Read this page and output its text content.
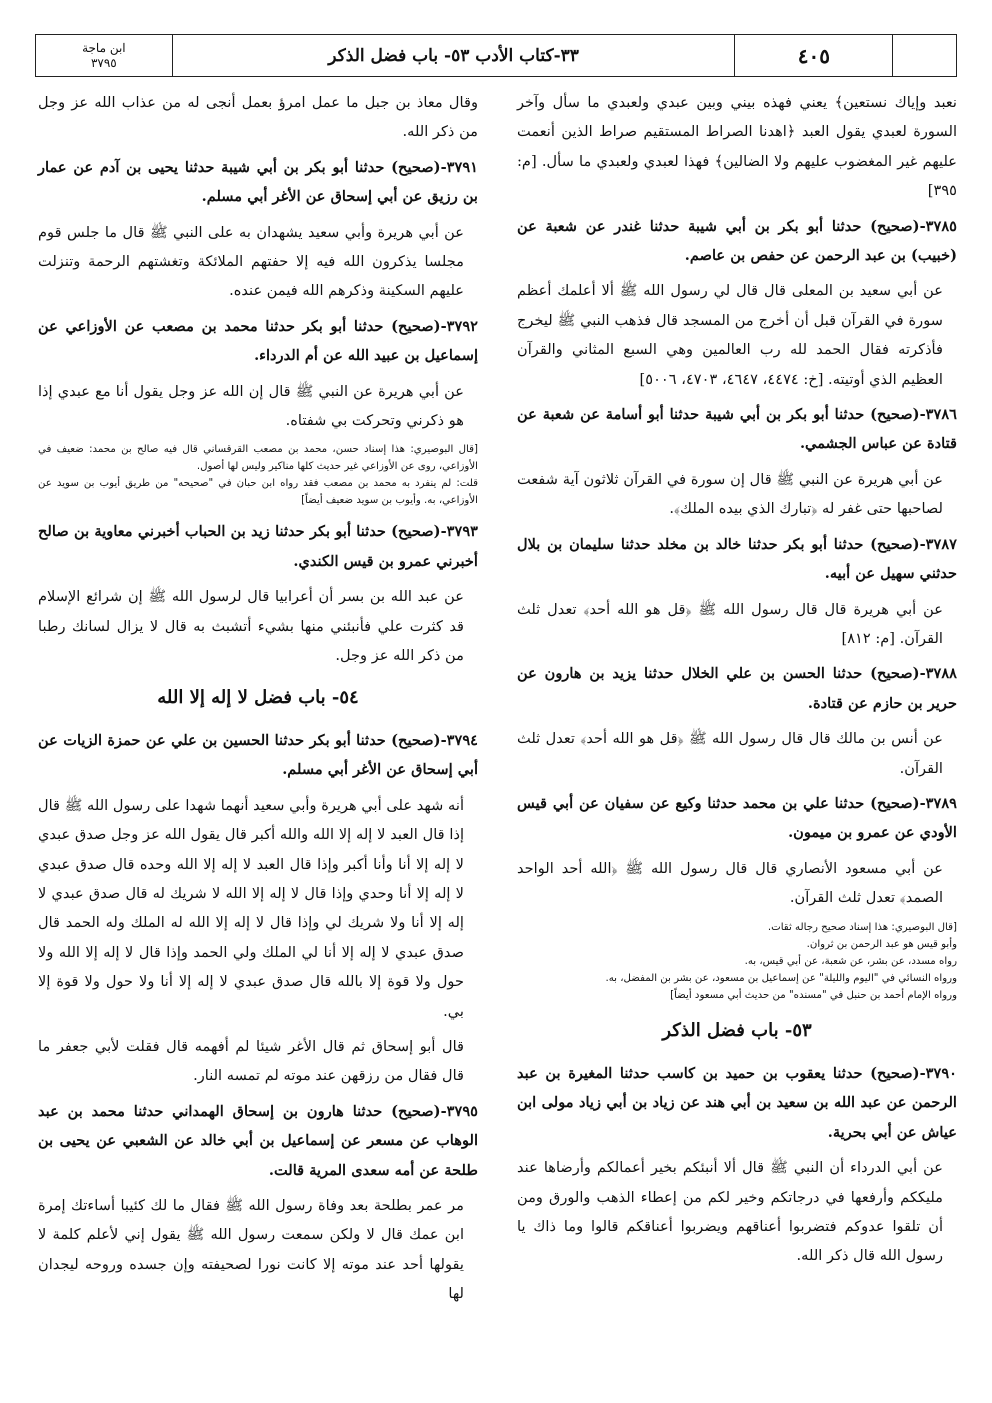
ابن ماجة
٣٧٩٥	٣٣-كتاب الأدب ٥٣- باب فضل الذكر	٤٠٥

نعبد وإياك نستعين﴾ يعني فهذه بيني وبين عبدي ولعبدي ما سأل وآخر السورة لعبدي يقول العبد ﴿اهدنا الصراط المستقيم صراط الذين أنعمت عليهم غير المغضوب عليهم ولا الضالين﴾ فهذا لعبدي ولعبدي ما سأل. [م: ٣٩٥]

٣٧٨٥-(صحيح) حدثنا أبو بكر بن أبي شيبة حدثنا غندر عن شعبة عن (خبيب) بن عبد الرحمن عن حفص بن عاصم.

عن أبي سعيد بن المعلى قال قال لي رسول الله ﷺ ألا أعلمك أعظم سورة في القرآن قبل أن أخرج من المسجد قال فذهب النبي ﷺ ليخرج فأذكرته فقال الحمد لله رب العالمين وهي السبع المثاني والقرآن العظيم الذي أوتيته. [خ: ٤٤٧٤، ٤٦٤٧، ٤٧٠٣، ٥٠٠٦]

٣٧٨٦-(صحيح) حدثنا أبو بكر بن أبي شيبة حدثنا أبو أسامة عن شعبة عن قتادة عن عباس الجشمي.

عن أبي هريرة عن النبي ﷺ قال إن سورة في القرآن ثلاثون آية شفعت لصاحبها حتى غفر له ﴿تبارك الذي بيده الملك﴾.

٣٧٨٧-(صحيح) حدثنا أبو بكر حدثنا خالد بن مخلد حدثنا سليمان بن بلال حدثني سهيل عن أبيه.

عن أبي هريرة قال قال رسول الله ﷺ ﴿قل هو الله أحد﴾ تعدل ثلث القرآن. [م: ٨١٢]

٣٧٨٨-(صحيح) حدثنا الحسن بن علي الخلال حدثنا يزيد بن هارون عن حرير بن حازم عن قتادة.

عن أنس بن مالك قال قال رسول الله ﷺ ﴿قل هو الله أحد﴾ تعدل ثلث القرآن.

٣٧٨٩-(صحيح) حدثنا علي بن محمد حدثنا وكيع عن سفيان عن أبي قيس الأودي عن عمرو بن ميمون.

عن أبي مسعود الأنصاري قال قال رسول الله ﷺ ﴿الله أحد الواحد الصمد﴾ تعدل ثلث القرآن.

[قال البوصيري: هذا إسناد صحيح رجاله ثقات.

وأبو قيس هو عبد الرحمن بن ثروان.

رواه مسدد، عن بشر، عن شعبة، عن أبي قيس، به.

ورواه النسائي في "اليوم والليلة" عن إسماعيل بن مسعود، عن بشر بن المفضل، به.

ورواه الإمام أحمد بن حنبل في "مسنده" من حديث أبي مسعود أيضاً]

٥٣- باب فضل الذكر

٣٧٩٠-(صحيح) حدثنا يعقوب بن حميد بن كاسب حدثنا المغيرة بن عبد الرحمن عن عبد الله بن سعيد بن أبي هند عن زياد بن أبي زياد مولى ابن عياش عن أبي بحرية.

عن أبي الدرداء أن النبي ﷺ قال ألا أنبئكم بخير أعمالكم وأرضاها عند مليككم وأرفعها في درجاتكم وخير لكم من إعطاء الذهب والورق ومن أن تلقوا عدوكم فتضربوا أعناقهم ويضربوا أعناقكم قالوا وما ذاك يا رسول الله قال ذكر الله.

وقال معاذ بن جبل ما عمل امرؤ بعمل أنجى له من عذاب الله عز وجل من ذكر الله.

٣٧٩١-(صحيح) حدثنا أبو بكر بن أبي شيبة حدثنا يحيى بن آدم عن عمار بن رزيق عن أبي إسحاق عن الأغر أبي مسلم.

عن أبي هريرة وأبي سعيد يشهدان به على النبي ﷺ قال ما جلس قوم مجلسا يذكرون الله فيه إلا حفتهم الملائكة وتغشتهم الرحمة وتنزلت عليهم السكينة وذكرهم الله فيمن عنده.

٣٧٩٢-(صحيح) حدثنا أبو بكر حدثنا محمد بن مصعب عن الأوزاعي عن إسماعيل بن عبيد الله عن أم الدرداء.

عن أبي هريرة عن النبي ﷺ قال إن الله عز وجل يقول أنا مع عبدي إذا هو ذكرني وتحركت بي شفتاه.

[قال البوصيري: هذا إسناد حسن، محمد بن مصعب القرقساني قال فيه صالح بن محمد: ضعيف في الأوزاعي، روى عن الأوزاعي غير حديث كلها مناكير وليس لها أصول.

قلت: لم ينفرد به محمد بن مصعب فقد رواه ابن حبان في "صحيحه" من طريق أيوب بن سويد عن الأوزاعي، به. وأيوب بن سويد ضعيف أيضاً]

٣٧٩٣-(صحيح) حدثنا أبو بكر حدثنا زيد بن الحباب أخبرني معاوية بن صالح أخبرني عمرو بن قيس الكندي.

عن عبد الله بن بسر أن أعرابيا قال لرسول الله ﷺ إن شرائع الإسلام قد كثرت علي فأنبئني منها بشيء أتشبث به قال لا يزال لسانك رطبا من ذكر الله عز وجل.

٥٤- باب فضل لا إله إلا الله

٣٧٩٤-(صحيح) حدثنا أبو بكر حدثنا الحسين بن علي عن حمزة الزيات عن أبي إسحاق عن الأغر أبي مسلم.

أنه شهد على أبي هريرة وأبي سعيد أنهما شهدا على رسول الله ﷺ قال إذا قال العبد لا إله إلا الله والله أكبر قال يقول الله عز وجل صدق عبدي لا إله إلا أنا وأنا أكبر وإذا قال العبد لا إله إلا الله وحده قال صدق عبدي لا إله إلا أنا وحدي وإذا قال لا إله إلا الله لا شريك له قال صدق عبدي لا إله إلا أنا ولا شريك لي وإذا قال لا إله إلا الله له الملك وله الحمد قال صدق عبدي لا إله إلا أنا لي الملك ولي الحمد وإذا قال لا إله إلا الله ولا حول ولا قوة إلا بالله قال صدق عبدي لا إله إلا أنا ولا حول ولا قوة إلا بي.

قال أبو إسحاق ثم قال الأغر شيئا لم أفهمه قال فقلت لأبي جعفر ما قال فقال من رزقهن عند موته لم تمسه النار.

٣٧٩٥-(صحيح) حدثنا هارون بن إسحاق الهمداني حدثنا محمد بن عبد الوهاب عن مسعر عن إسماعيل بن أبي خالد عن الشعبي عن يحيى بن طلحة عن أمه سعدى المرية قالت.

مر عمر بطلحة بعد وفاة رسول الله ﷺ فقال ما لك كئيبا أساءتك إمرة ابن عمك قال لا ولكن سمعت رسول الله ﷺ يقول إني لأعلم كلمة لا يقولها أحد عند موته إلا كانت نورا لصحيفته وإن جسده وروحه ليجدان لها
